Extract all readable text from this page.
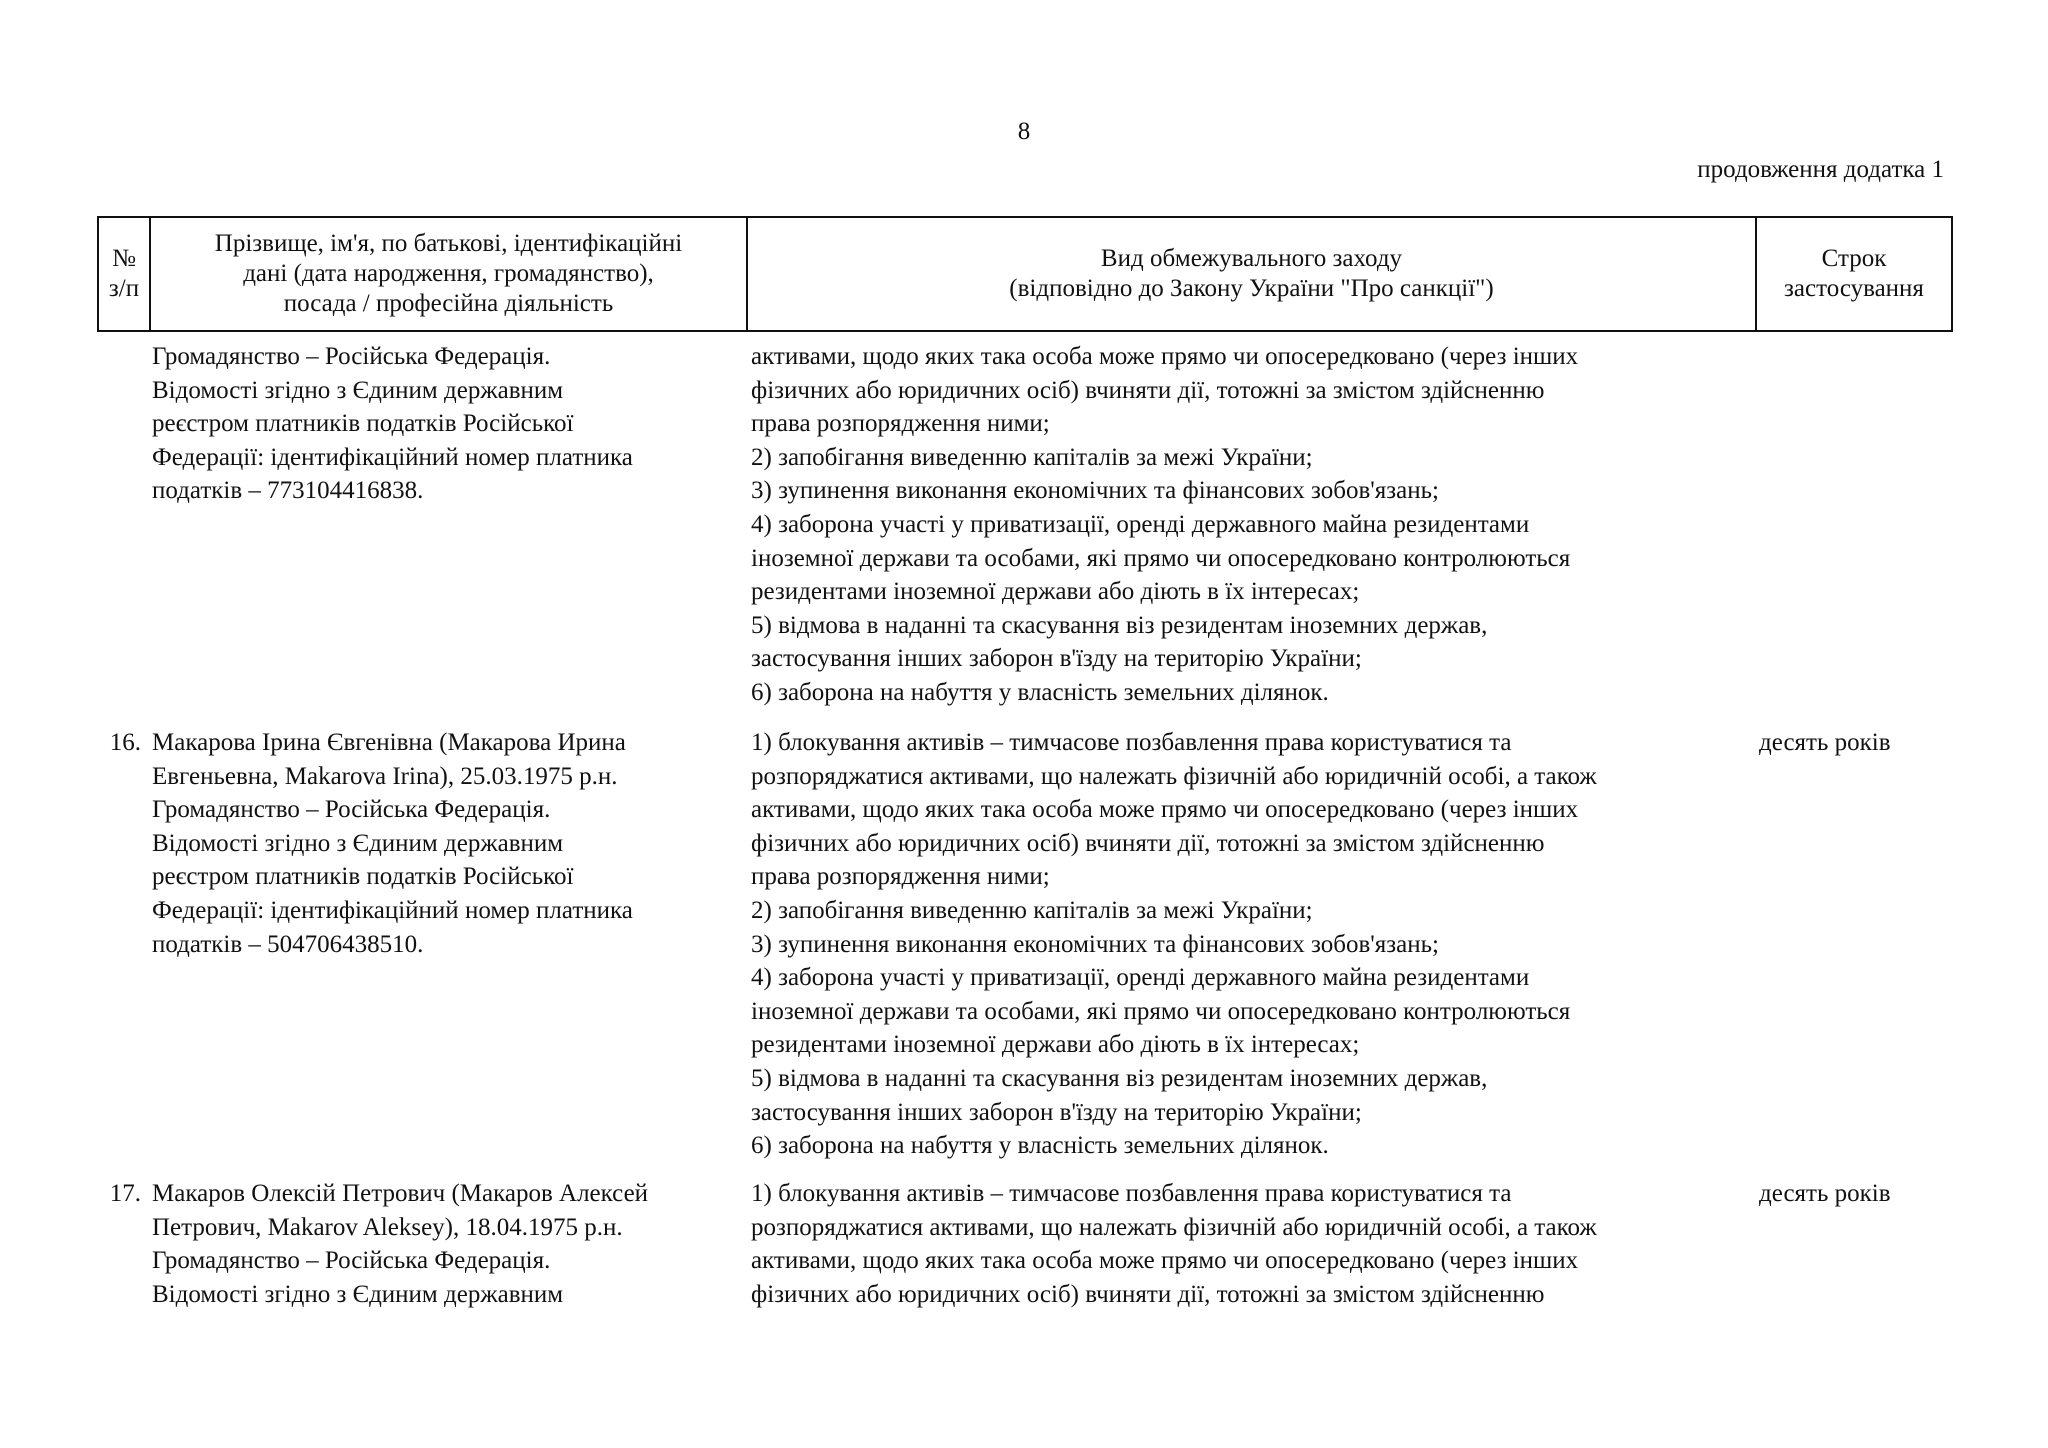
8
продовження додатка 1
№
з/п
Прізвище, ім'я, по батькові, ідентифікаційні
дані (дата народження, громадянство),
посада / професійна діяльність
Вид обмежувального заходу
(відповідно до Закону України "Про санкції")
Строк
застосування
Громадянство – Російська Федерація.
Відомості згідно з Єдиним державним
реєстром платників податків Російської
Федерації: ідентифікаційний номер платника
податків – 773104416838.
активами, щодо яких така особа може прямо чи опосередковано (через інших
фізичних або юридичних осіб) вчиняти дії, тотожні за змістом здійсненню
права розпорядження ними;
2) запобігання виведенню капіталів за межі України;
3) зупинення виконання економічних та фінансових зобов'язань;
4) заборона участі у приватизації, оренді державного майна резидентами
іноземної держави та особами, які прямо чи опосередковано контролюються
резидентами іноземної держави або діють в їх інтересах;
5) відмова в наданні та скасування віз резидентам іноземних держав,
застосування інших заборон в'їзду на територію України;
6) заборона на набуття у власність земельних ділянок.
16. Макарова Ірина Євгенівна (Макарова Ирина
Евгеньевна, Makarova Irina), 25.03.1975 р.н.
Громадянство – Російська Федерація.
Відомості згідно з Єдиним державним
реєстром платників податків Російської
Федерації: ідентифікаційний номер платника
податків – 504706438510.
1) блокування активів – тимчасове позбавлення права користуватися та
розпоряджатися активами, що належать фізичній або юридичній особі, а також
активами, щодо яких така особа може прямо чи опосередковано (через інших
фізичних або юридичних осіб) вчиняти дії, тотожні за змістом здійсненню
права розпорядження ними;
2) запобігання виведенню капіталів за межі України;
3) зупинення виконання економічних та фінансових зобов'язань;
4) заборона участі у приватизації, оренді державного майна резидентами
іноземної держави та особами, які прямо чи опосередковано контролюються
резидентами іноземної держави або діють в їх інтересах;
5) відмова в наданні та скасування віз резидентам іноземних держав,
застосування інших заборон в'їзду на територію України;
6) заборона на набуття у власність земельних ділянок.
десять років
17. Макаров Олексій Петрович (Макаров Алексей
Петрович, Makarov Aleksey), 18.04.1975 р.н.
Громадянство – Російська Федерація.
Відомості згідно з Єдиним державним
1) блокування активів – тимчасове позбавлення права користуватися та
розпоряджатися активами, що належать фізичній або юридичній особі, а також
активами, щодо яких така особа може прямо чи опосередковано (через інших
фізичних або юридичних осіб) вчиняти дії, тотожні за змістом здійсненню
десять років
